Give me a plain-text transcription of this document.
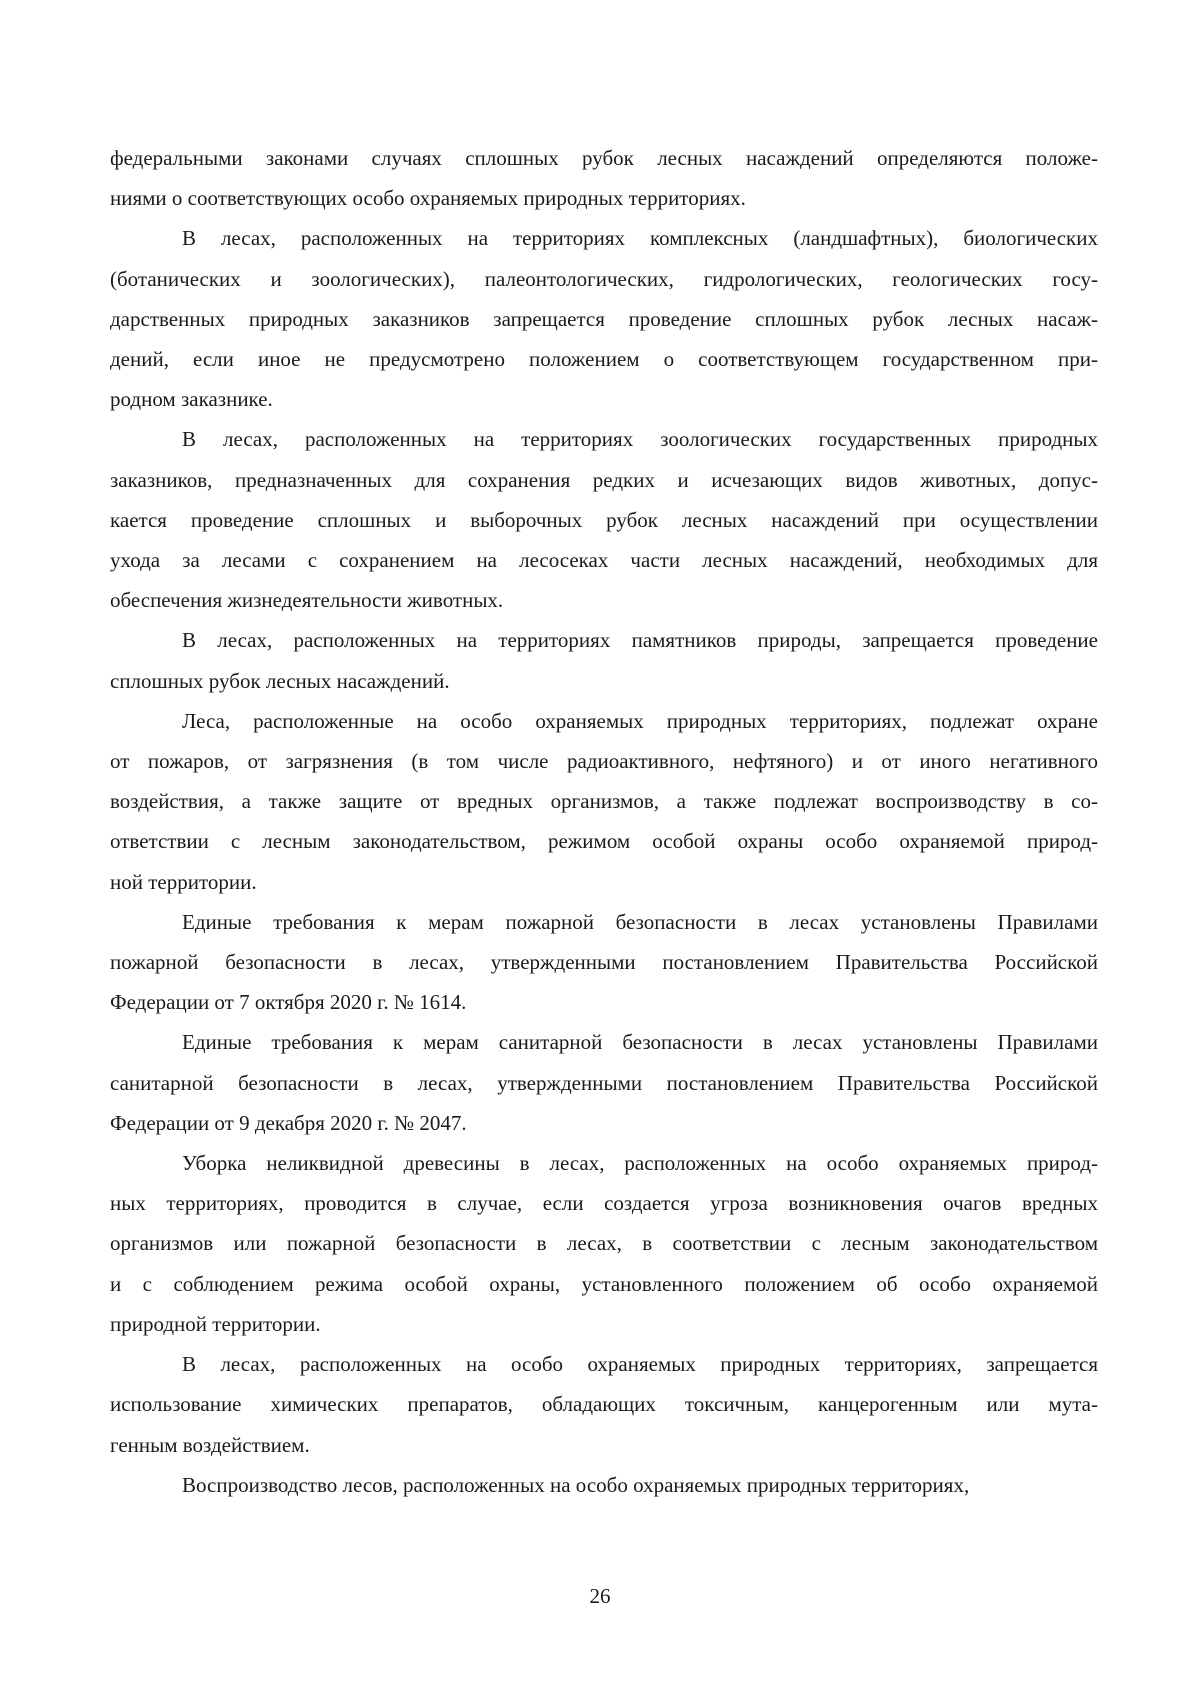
федеральными законами случаях сплошных рубок лесных насаждений определяются положе-
ниями о соответствующих особо охраняемых природных территориях.
В лесах, расположенных на территориях комплексных (ландшафтных), биологических
(ботанических и зоологических), палеонтологических, гидрологических, геологических госу-
дарственных природных заказников запрещается проведение сплошных рубок лесных насаж-
дений, если иное не предусмотрено положением о соответствующем государственном при-
родном заказнике.
В лесах, расположенных на территориях зоологических государственных природных
заказников, предназначенных для сохранения редких и исчезающих видов животных, допус-
кается проведение сплошных и выборочных рубок лесных насаждений при осуществлении
ухода за лесами с сохранением на лесосеках части лесных насаждений, необходимых для
обеспечения жизнедеятельности животных.
В лесах, расположенных на территориях памятников природы, запрещается проведение
сплошных рубок лесных насаждений.
Леса, расположенные на особо охраняемых природных территориях, подлежат охране
от пожаров, от загрязнения (в том числе радиоактивного, нефтяного) и от иного негативного
воздействия, а также защите от вредных организмов, а также подлежат воспроизводству в со-
ответствии с лесным законодательством, режимом особой охраны особо охраняемой природ-
ной территории.
Единые требования к мерам пожарной безопасности в лесах установлены Правилами
пожарной безопасности в лесах, утвержденными постановлением Правительства Российской
Федерации от 7 октября 2020 г. № 1614.
Единые требования к мерам санитарной безопасности в лесах установлены Правилами
санитарной безопасности в лесах, утвержденными постановлением Правительства Российской
Федерации от 9 декабря 2020 г. № 2047.
Уборка неликвидной древесины в лесах, расположенных на особо охраняемых природ-
ных территориях, проводится в случае, если создается угроза возникновения очагов вредных
организмов или пожарной безопасности в лесах, в соответствии с лесным законодательством
и с соблюдением режима особой охраны, установленного положением об особо охраняемой
природной территории.
В лесах, расположенных на особо охраняемых природных территориях, запрещается
использование химических препаратов, обладающих токсичным, канцерогенным или мута-
генным воздействием.
Воспроизводство лесов, расположенных на особо охраняемых природных территориях,
26
